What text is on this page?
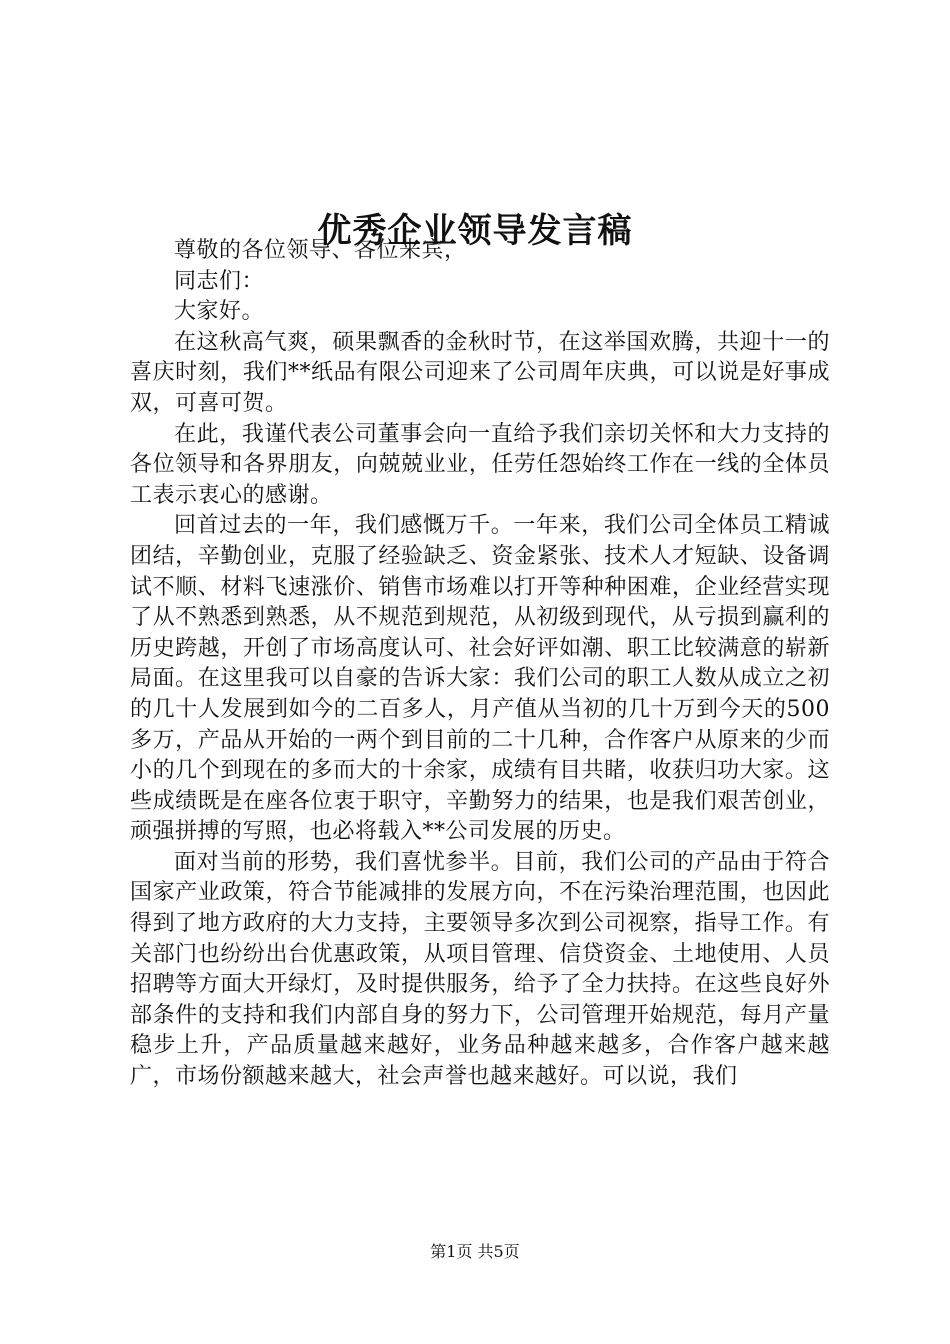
优秀企业领导发言稿

尊敬的各位领导、各位来宾，

同志们：

大家好。

在这秋高气爽，硕果飘香的金秋时节，在这举国欢腾，共迎十一的喜庆时刻，我们**纸品有限公司迎来了公司周年庆典，可以说是好事成双，可喜可贺。

在此，我谨代表公司董事会向一直给予我们亲切关怀和大力支持的各位领导和各界朋友，向兢兢业业，任劳任怨始终工作在一线的全体员工表示衷心的感谢。

回首过去的一年，我们感慨万千。一年来，我们公司全体员工精诚团结，辛勤创业，克服了经验缺乏、资金紧张、技术人才短缺、设备调试不顺、材料飞速涨价、销售市场难以打开等种种困难，企业经营实现了从不熟悉到熟悉，从不规范到规范，从初级到现代，从亏损到赢利的历史跨越，开创了市场高度认可、社会好评如潮、职工比较满意的崭新局面。在这里我可以自豪的告诉大家：我们公司的职工人数从成立之初的几十人发展到如今的二百多人，月产值从当初的几十万到今天的500多万，产品从开始的一两个到目前的二十几种，合作客户从原来的少而小的几个到现在的多而大的十余家，成绩有目共睹，收获归功大家。这些成绩既是在座各位衷于职守，辛勤努力的结果，也是我们艰苦创业，顽强拼搏的写照，也必将载入**公司发展的历史。

面对当前的形势，我们喜忧参半。目前，我们公司的产品由于符合国家产业政策，符合节能减排的发展方向，不在污染治理范围，也因此得到了地方政府的大力支持，主要领导多次到公司视察，指导工作。有关部门也纷纷出台优惠政策，从项目管理、信贷资金、土地使用、人员招聘等方面大开绿灯，及时提供服务，给予了全力扶持。在这些良好外部条件的支持和我们内部自身的努力下，公司管理开始规范，每月产量稳步上升，产品质量越来越好，业务品种越来越多，合作客户越来越广，市场份额越来越大，社会声誉也越来越好。可以说，我们

第1页 共5页
